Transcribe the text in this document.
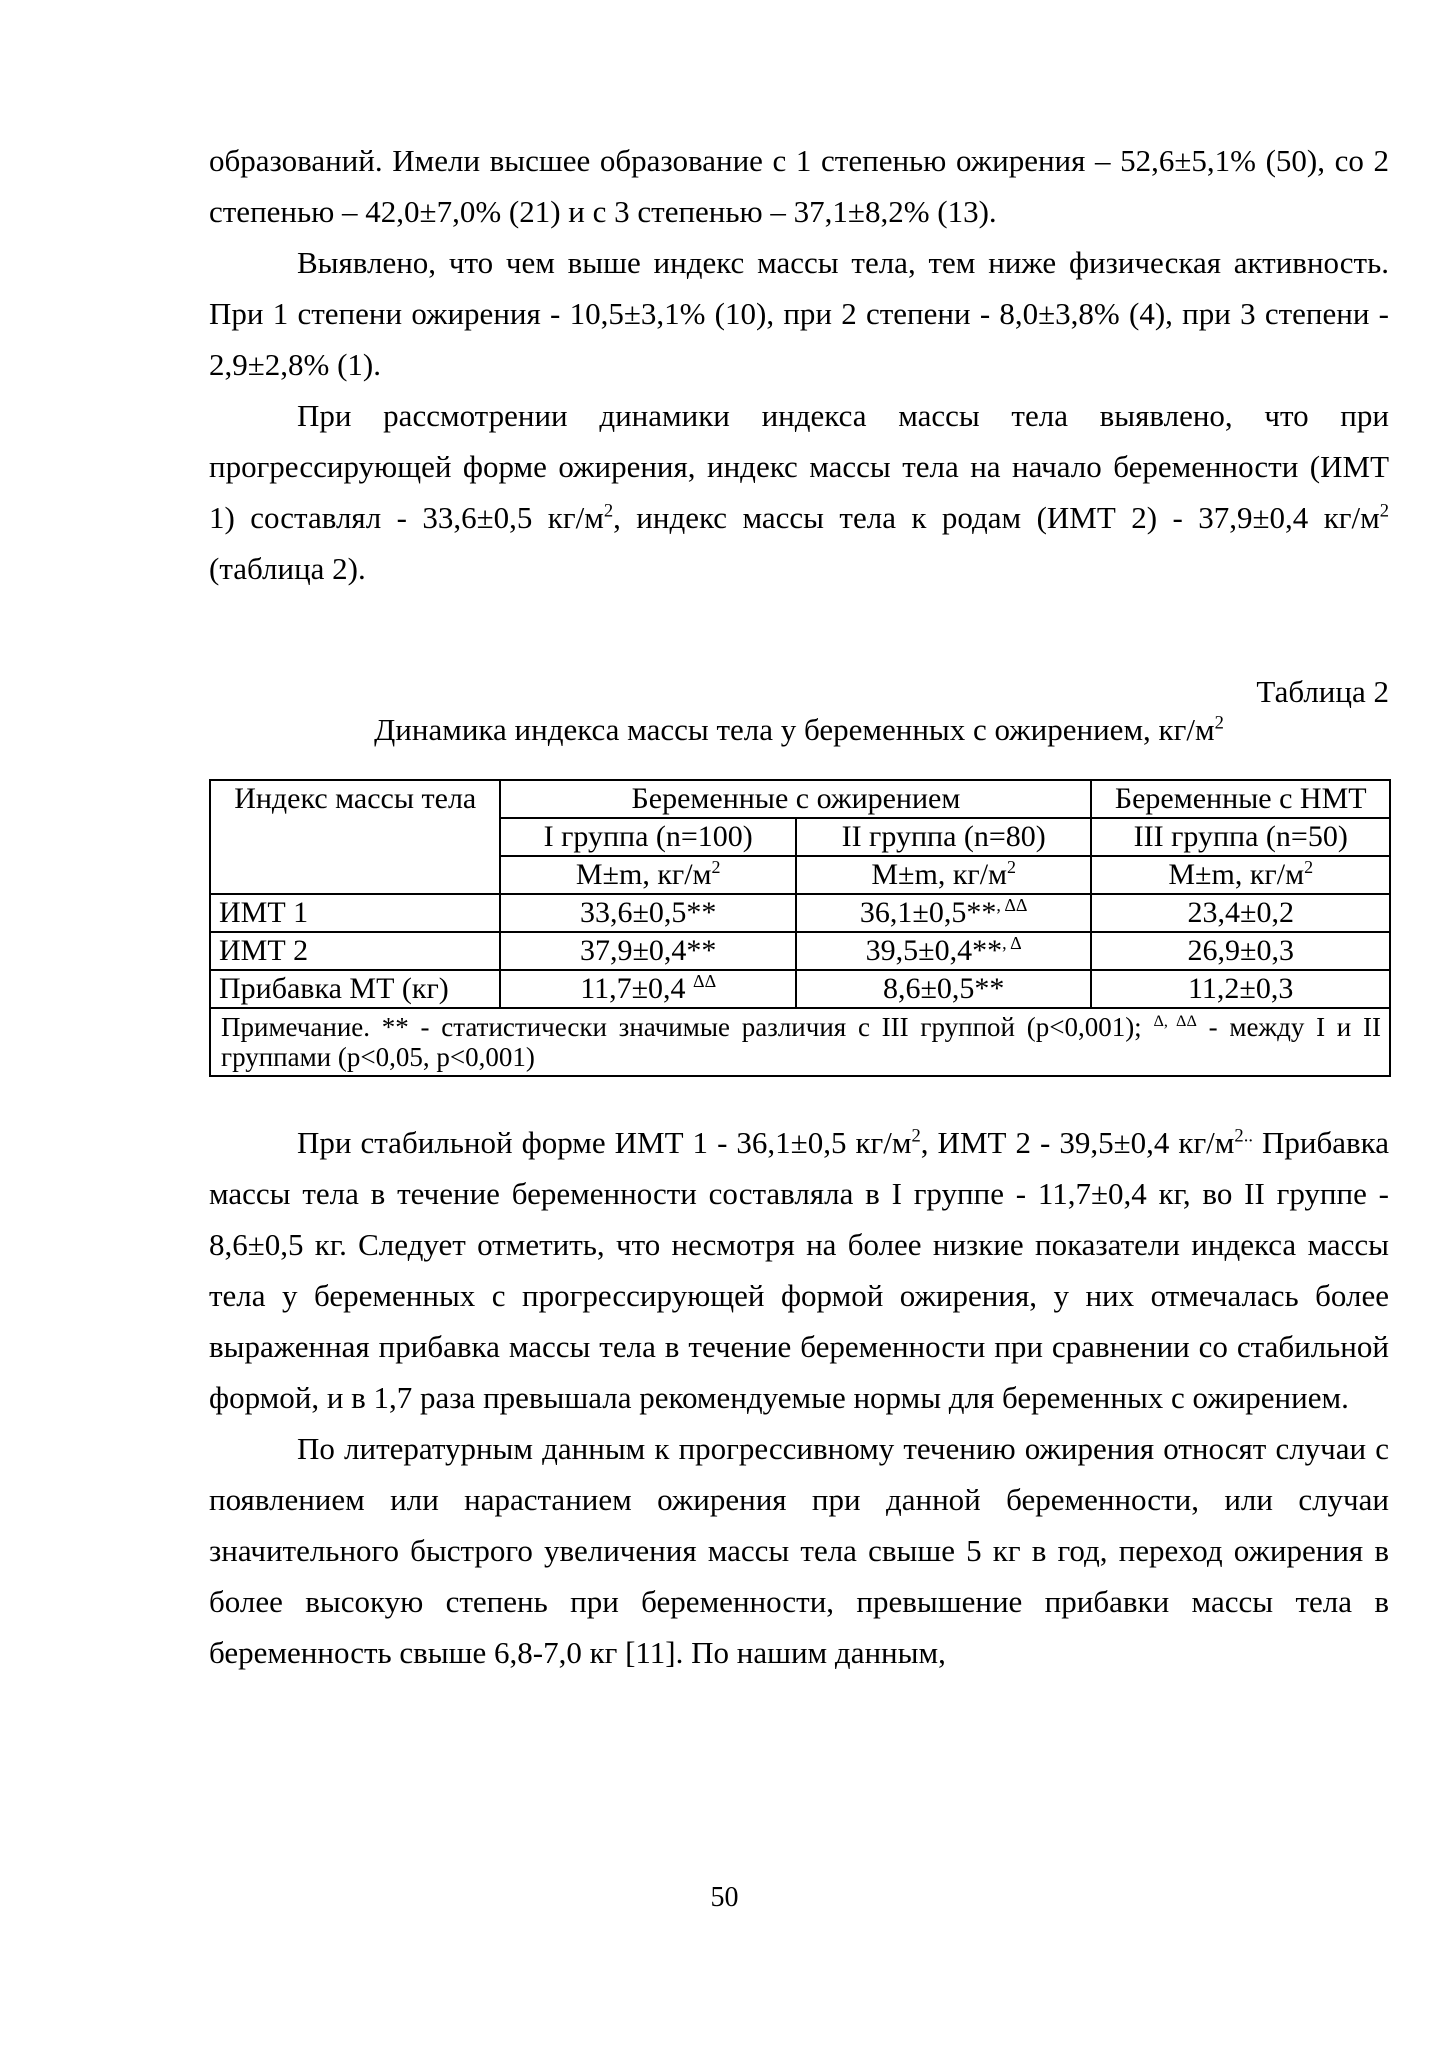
образований. Имели высшее образование с 1 степенью ожирения – 52,6±5,1% (50), со 2 степенью – 42,0±7,0% (21) и с 3 степенью – 37,1±8,2% (13).

Выявлено, что чем выше индекс массы тела, тем ниже физическая активность. При 1 степени ожирения - 10,5±3,1% (10), при 2 степени - 8,0±3,8% (4), при 3 степени - 2,9±2,8% (1).

При рассмотрении динамики индекса массы тела выявлено, что при прогрессирующей форме ожирения, индекс массы тела на начало беременности (ИМТ 1) составлял - 33,6±0,5 $кг/м^2$, индекс массы тела к родам (ИМТ 2) - 37,9±0,4 $кг/м^2$ (таблица 2).

Таблица 2
Динамика индекса массы тела у беременных с ожирением, $кг/м^2$
Индекс массы тела	Беременные с ожирением		Беременные с НМТ
	I группа (n=100)	II группа (n=80)	III группа (n=50)
	M±m, $кг/м^2$	M±m, $кг/м^2$	M±m, $кг/м^2$
ИМТ 1	33,6±0,5**	36,1±0,5**$^{, \Delta\Delta}$	23,4±0,2
ИМТ 2	37,9±0,4**	39,5±0,4**$^{, \Delta}$	26,9±0,3
Прибавка МТ (кг)	11,7±0,4 $^{\Delta\Delta}$	8,6±0,5**	11,2±0,3
Примечание. ** - статистически значимые различия с III группой (p<0,001); $^{\Delta, \Delta\Delta}$ - между I и II группами (p<0,05, p<0,001)			

При стабильной форме ИМТ 1 - 36,1±0,5 $кг/м^2$, ИМТ 2 - 39,5±0,4 $кг/м^{2..}$ Прибавка массы тела в течение беременности составляла в I группе - 11,7±0,4 кг, во II группе - 8,6±0,5 кг. Следует отметить, что несмотря на более низкие показатели индекса массы тела у беременных с прогрессирующей формой ожирения, у них отмечалась более выраженная прибавка массы тела в течение беременности при сравнении со стабильной формой, и в 1,7 раза превышала рекомендуемые нормы для беременных с ожирением.

По литературным данным к прогрессивному течению ожирения относят случаи с появлением или нарастанием ожирения при данной беременности, или случаи значительного быстрого увеличения массы тела свыше 5 кг в год, переход ожирения в более высокую степень при беременности, превышение прибавки массы тела в беременность свыше 6,8-7,0 кг [11]. По нашим данным,

50
